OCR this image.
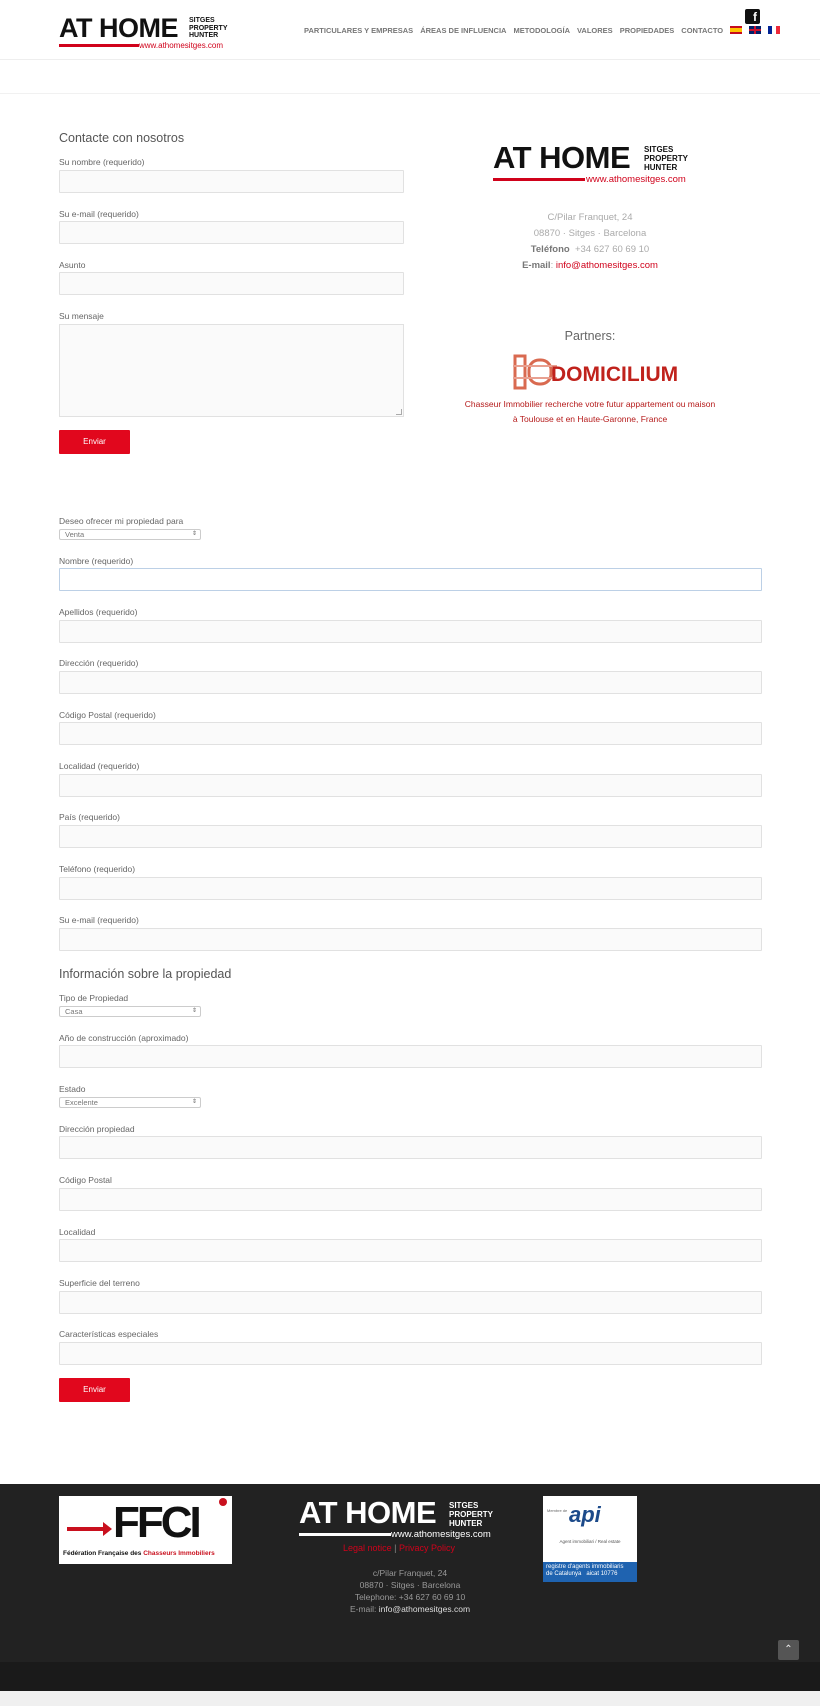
AT HOME SITGES
PROPERTY
HUNTER
www.athomesitges.com
PARTICULARES Y EMPRESAS ÁREAS DE INFLUENCIA METODOLOGÍA VALORES PROPIEDADES CONTACTO
f
Contacte con nosotros
Su nombre (requerido)
Su e-mail (requerido)
Asunto
Su mensaje
Enviar
AT HOME SITGES
PROPERTY
HUNTER
www.athomesitges.com
C/Pilar Franquet, 24
08870 · Sitges · Barcelona
Teléfono +34 627 60 69 10
E-mail: info@athomesitges.com
Partners:
DOMICILIUM
Chasseur Immobilier recherche votre futur appartement ou maison
à Toulouse et en Haute-Garonne, France
Deseo ofrecer mi propiedad para
Venta	⇕
Nombre (requerido)
Apellidos (requerido)
Dirección (requerido)
Código Postal (requerido)
Localidad (requerido)
País (requerido)
Teléfono (requerido)
Su e-mail (requerido)
Información sobre la propiedad
Tipo de Propiedad
Casa	⇕
Año de construcción (aproximado)
Estado
Excelente	⇕
Dirección propiedad
Código Postal
Localidad
Superficie del terreno
Características especiales
Enviar
FFCI
Fédération Française des Chasseurs Immobiliers
AT HOME SITGES
PROPERTY
HUNTER
www.athomesitges.com
Legal notice | Privacy Policy
c/Pilar Franquet, 24
08870 · Sitges · Barcelona
Telephone: +34 627 60 69 10
E-mail: info@athomesitges.com
Membre de api
Agent immobiliari / Real estate
registre d'agents immobiliaris
de Catalunya aicat 10776
⌃
